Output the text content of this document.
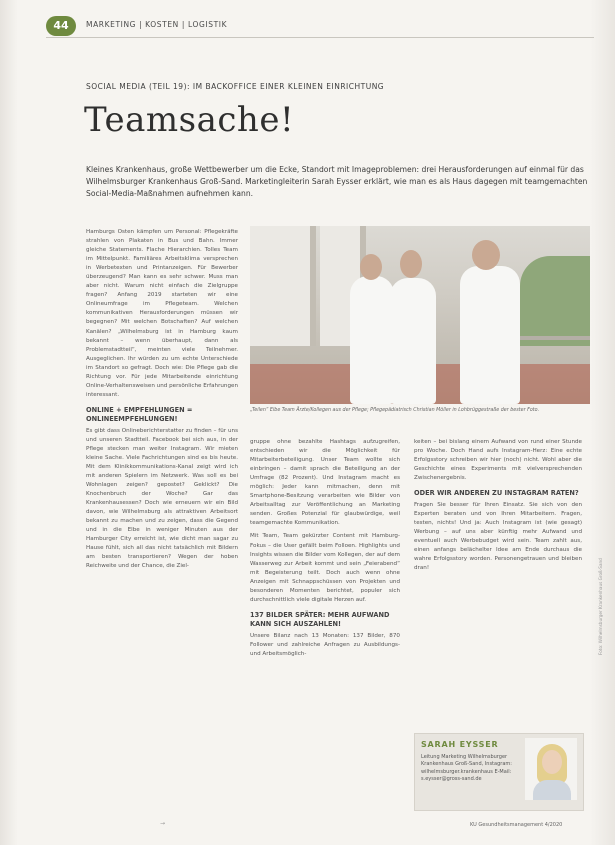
44	MARKETING | KOSTEN | LOGISTIK
SOCIAL MEDIA (TEIL 19): IM BACKOFFICE EINER KLEINEN EINRICHTUNG
Teamsache!
Kleines Krankenhaus, große Wettbewerber um die Ecke, Standort mit Imageproblemen: drei Herausforderungen auf einmal für das Wilhelmsburger Krankenhaus Groß-Sand. Marketingleiterin Sarah Eysser erklärt, wie man es als Haus dagegen mit teamgemachten Social-Media-Maßnahmen aufnehmen kann.

Hamburgs Osten kämpfen um Personal: Pflegekräfte strahlen von Plakaten in Bus und Bahn. Immer gleiche Statements. Flache Hierarchien. Tolles Team im Mittelpunkt. Familiäres Arbeitsklima versprechen in Werbetexten und Printanzeigen. Für Bewerber überzeugend? Man kann es sehr schwer. Muss man aber nicht. Warum nicht einfach die Zielgruppe fragen? Anfang 2019 starteten wir eine Onlineumfrage im Pflegeteam. Welchen kommunikativen Herausforderungen müssen wir begegnen? Mit welchen Botschaften? Auf welchen Kanälen? „Wilhelmsburg ist in Hamburg kaum bekannt – wenn überhaupt, dann als Problemstadtteil“, meinten viele Teilnehmer. Ausgeglichen. Ihr würden zu um echte Unterschiede im Standort so gefragt. Doch wie: Die Pflege gab die Richtung vor. Für jede Mitarbeitende einrichtung Online-Verhaltensweisen und persönliche Erfahrungen interessant.

ONLINE + EMPFEHLUNGEN = ONLINEEMPFEHLUNGEN!

Es gibt dass Onlineberichterstatter zu finden – für uns und unseren Stadtteil. Facebook bei sich aus, in der Pflege stecken man weiter Instagram. Wir mieten kleine Sache. Viele Fachrichtungen sind es bis heute. Mit dem Klinikkommunikations-Kanal zeigt wird ich mit anderen Spielern im Netzwerk. Was soll es bei Wohnlagen zeigen? gepostet? Geklickt? Die Knochenbruch der Woche? Gar das Krankenhausessen? Doch wie erneuern wir ein Bild davon, wie Wilhelmsburg als attraktiven Arbeitsort bekannt zu machen und zu zeigen, dass die Gegend und in die Elbe in weniger Minuten aus der Hamburger City erreicht ist, wie dicht man sagar zu Hause fühlt, sich all das nicht tatsächlich mit Bildern am besten transportieren? Wegen der hoben Reichweite und der Chance, die Ziel-

„Teilen“ Elbe Team Ärzte/Kollegen aus der Pflege; Pflegepädiatrisch Christian Möller in Lohbrüggestraße der bester Foto.

gruppe ohne bezahlte Hashtags aufzugreifen, entschieden wir die Möglichkeit für Mitarbeiterbeteiligung. Unser Team wollte sich einbringen – damit sprach die Beteiligung an der Umfrage (82 Prozent). Und Instagram macht es möglich: Jeder kann mitmachen, denn mit Smartphone-Besitzung verarbeiten wie Bilder von Arbeitsalltag zur Veröffentlichung an Marketing senden. Großes Potenzial für glaubwürdige, weil teamgemachte Kommunikation.

Mit Team, Team gekürzter Content mit Hamburg-Fokus – die User gefällt beim Folloen. Highlights und Insights wissen die Bilder vom Kollegen, der auf dem Wasserweg zur Arbeit kommt und sein „Feierabend“ mit Begeisterung teilt. Doch auch wenn ohne Anzeigen mit Schnappschüssen von Projekten und besonderen Momenten berichtet, populer sich durchschnittlich viele digitale Herzen auf.

137 BILDER SPÄTER: MEHR AUFWAND KANN SICH AUSZAHLEN!

Unsere Bilanz nach 13 Monaten: 137 Bilder, 870 Follower und zahlreiche Anfragen zu Ausbildungs- und Arbeitsmöglich-

keiten – bei bislang einem Aufwand von rund einer Stunde pro Woche. Doch Hand aufs Instagram-Herz: Eine echte Erfolgsstory schreiben wir hier (noch) nicht. Wohl aber die Geschichte eines Experiments mit vielversprechenden Zwischenergebnis.

ODER WIR ANDEREN ZU INSTAGRAM RATEN?

Fragen Sie besser für Ihren Einsatz. Sie sich von den Experten beraten und von Ihren Mitarbeitern. Fragen, testen, nichts! Und ja: Auch Instagram ist (wie gesagt) Werbung – auf uns aber künftig mehr Aufwand und eventuell auch Werbebudget wird sein. Team zahlt aus, einen anfangs belächelter Idee am Ende durchaus die wahre Erfolgsstory worden. Personengetrauen und bleiben dran!

SARAH EYSSER
Leitung Marketing Wilhelmsburger Krankenhaus Groß-Sand, Instagram: wilhelmsburger.krankenhaus E-Mail: s.eysser@gross-sand.de
→	KU Gesundheitsmanagement 4/2020
Foto: Wilhelmsburger Krankenhaus Groß-Sand
